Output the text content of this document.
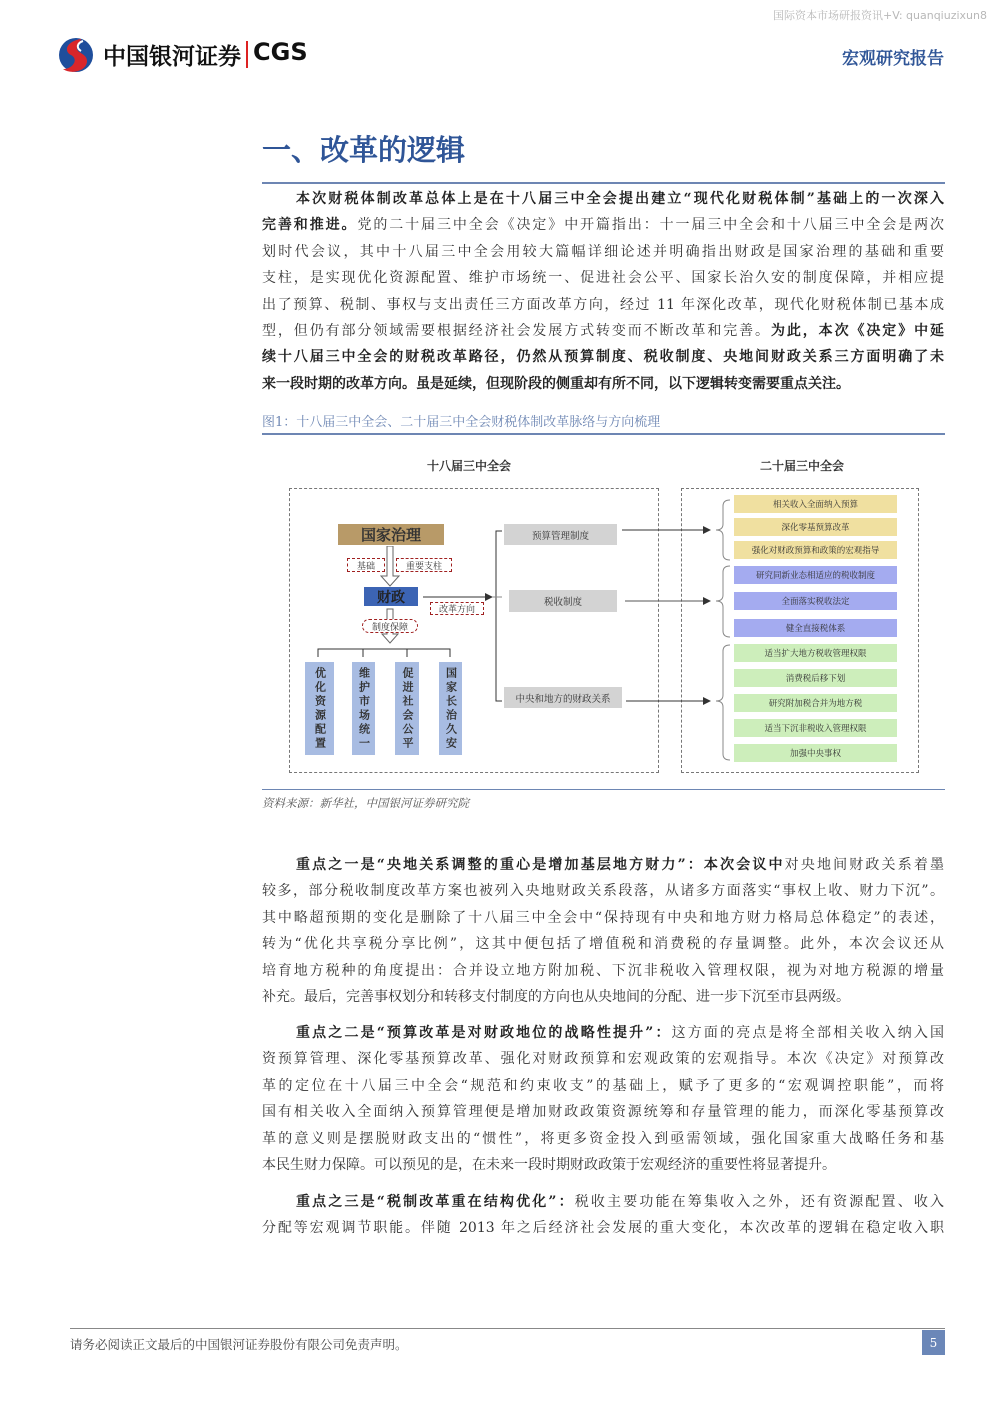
国际资本市场研报资讯+V: quanqiuzixun8
中国银河证券 CGS	宏观研究报告
一、改革的逻辑
本次财税体制改革总体上是在十八届三中全会提出建立“现代化财税体制”基础上的一次深入
完善和推进。党的二十届三中全会《决定》中开篇指出：十一届三中全会和十八届三中全会是两次
划时代会议，其中十八届三中全会用较大篇幅详细论述并明确指出财政是国家治理的基础和重要
支柱，是实现优化资源配置、维护市场统一、促进社会公平、国家长治久安的制度保障，并相应提
出了预算、税制、事权与支出责任三方面改革方向，经过 11 年深化改革，现代化财税体制已基本成
型，但仍有部分领域需要根据经济社会发展方式转变而不断改革和完善。为此，本次《决定》中延
续十八届三中全会的财税改革路径，仍然从预算制度、税收制度、央地间财政关系三方面明确了未
来一段时期的改革方向。虽是延续，但现阶段的侧重却有所不同，以下逻辑转变需要重点关注。
图1：十八届三中全会、二十届三中全会财税体制改革脉络与方向梳理
十八届三中全会	二十届三中全会
国家治理
基础	重要支柱
财政
改革方向
制度保障
优化资源配置	维护市场统一	促进社会公平	国家长治久安
预算管理制度
税收制度
中央和地方的财政关系
相关收入全面纳入预算
深化零基预算改革
强化对财政预算和政策的宏观指导
研究同新业态相适应的税收制度
全面落实税收法定
健全直接税体系
适当扩大地方税收管理权限
消费税后移下划
研究附加税合并为地方税
适当下沉非税收入管理权限
加强中央事权
资料来源：新华社，中国银河证券研究院
重点之一是“央地关系调整的重心是增加基层地方财力”：本次会议中对央地间财政关系着墨
较多，部分税收制度改革方案也被列入央地财政关系段落，从诸多方面落实“事权上收、财力下沉”。
其中略超预期的变化是删除了十八届三中全会中“保持现有中央和地方财力格局总体稳定”的表述，
转为“优化共享税分享比例”，这其中便包括了增值税和消费税的存量调整。此外，本次会议还从
培育地方税种的角度提出：合并设立地方附加税、下沉非税收入管理权限，视为对地方税源的增量
补充。最后，完善事权划分和转移支付制度的方向也从央地间的分配、进一步下沉至市县两级。
重点之二是“预算改革是对财政地位的战略性提升”：这方面的亮点是将全部相关收入纳入国
资预算管理、深化零基预算改革、强化对财政预算和宏观政策的宏观指导。本次《决定》对预算改
革的定位在十八届三中全会“规范和约束收支”的基础上，赋予了更多的“宏观调控职能”，而将
国有相关收入全面纳入预算管理便是增加财政政策资源统筹和存量管理的能力，而深化零基预算改
革的意义则是摆脱财政支出的“惯性”，将更多资金投入到亟需领域，强化国家重大战略任务和基
本民生财力保障。可以预见的是，在未来一段时期财政政策于宏观经济的重要性将显著提升。
重点之三是“税制改革重在结构优化”：税收主要功能在筹集收入之外，还有资源配置、收入
分配等宏观调节职能。伴随 2013 年之后经济社会发展的重大变化，本次改革的逻辑在稳定收入职
请务必阅读正文最后的中国银河证券股份有限公司免责声明。	5
